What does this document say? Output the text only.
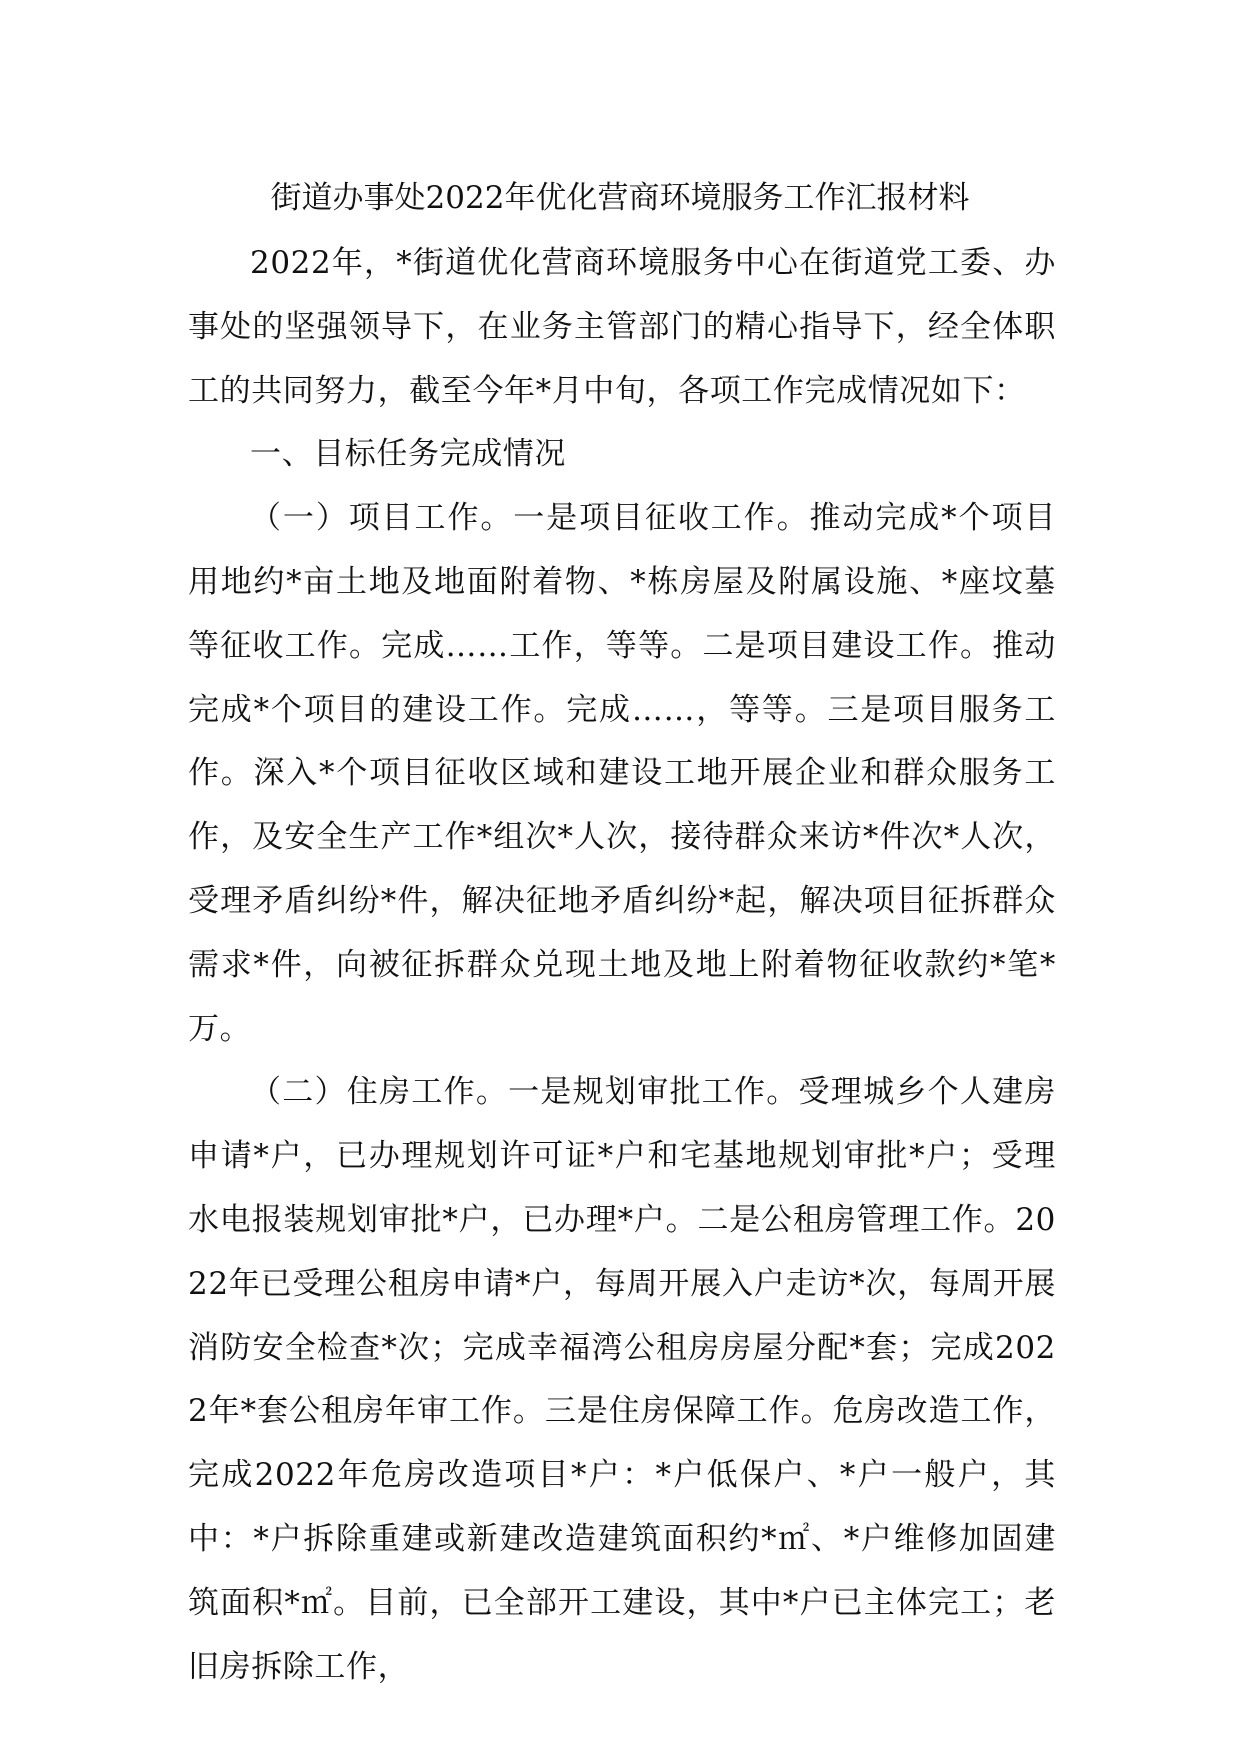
街道办事处2022年优化营商环境服务工作汇报材料

2022年，*街道优化营商环境服务中心在街道党工委、办事处的坚强领导下，在业务主管部门的精心指导下，经全体职工的共同努力，截至今年*月中旬，各项工作完成情况如下：

一、目标任务完成情况

（一）项目工作。一是项目征收工作。推动完成*个项目用地约*亩土地及地面附着物、*栋房屋及附属设施、*座坟墓等征收工作。完成……工作，等等。二是项目建设工作。推动完成*个项目的建设工作。完成……，等等。三是项目服务工作。深入*个项目征收区域和建设工地开展企业和群众服务工作，及安全生产工作*组次*人次，接待群众来访*件次*人次，受理矛盾纠纷*件，解决征地矛盾纠纷*起，解决项目征拆群众需求*件，向被征拆群众兑现土地及地上附着物征收款约*笔*万。

（二）住房工作。一是规划审批工作。受理城乡个人建房申请*户，已办理规划许可证*户和宅基地规划审批*户；受理水电报装规划审批*户，已办理*户。二是公租房管理工作。2022年已受理公租房申请*户，每周开展入户走访*次，每周开展消防安全检查*次；完成幸福湾公租房房屋分配*套；完成2022年*套公租房年审工作。三是住房保障工作。危房改造工作，完成2022年危房改造项目*户：*户低保户、*户一般户，其中：*户拆除重建或新建改造建筑面积约*㎡、*户维修加固建筑面积*㎡。目前，已全部开工建设，其中*户已主体完工；老旧房拆除工作，
